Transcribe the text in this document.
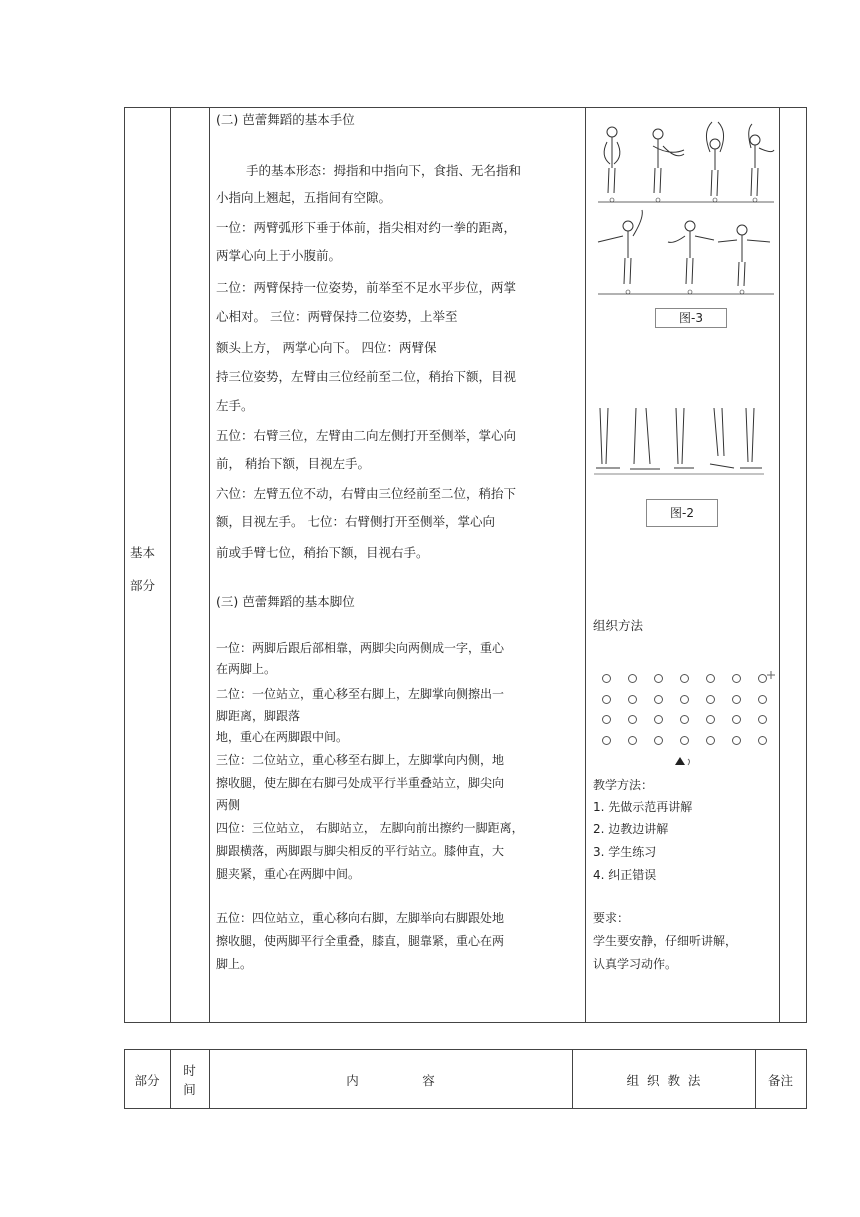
基本
部分
(二) 芭蕾舞蹈的基本手位
手的基本形态：拇指和中指向下，食指、无名指和
小指向上翘起，五指间有空隙。
一位：两臂弧形下垂于体前，指尖相对约一拳的距离，
两掌心向上于小腹前。
二位：两臂保持一位姿势，前举至不足水平步位，两掌
心相对。 三位：两臂保持二位姿势，上举至
额头上方， 两掌心向下。 四位：两臂保
持三位姿势，左臂由三位经前至二位，稍抬下额，目视
左手。
五位：右臂三位，左臂由二向左侧打开至侧举，掌心向
前， 稍抬下额，目视左手。
六位：左臂五位不动，右臂由三位经前至二位，稍抬下
额，目视左手。 七位：右臂侧打开至侧举，掌心向
前或手臂七位，稍抬下额，目视右手。
(三) 芭蕾舞蹈的基本脚位
一位：两脚后跟后部相靠，两脚尖向两侧成一字，重心
在两脚上。
二位：一位站立，重心移至右脚上，左脚掌向侧擦出一
脚距离，脚跟落
地，重心在两脚跟中间。
三位：二位站立，重心移至右脚上，左脚掌向内侧，地
擦收腿，使左脚在右脚弓处成平行半重叠站立，脚尖向
两侧
四位：三位站立， 右脚站立， 左脚向前出擦约一脚距离，
脚跟横落，两脚跟与脚尖相反的平行站立。膝伸直，大
腿夹紧，重心在两脚中间。
五位：四位站立，重心移向右脚，左脚举向右脚跟处地
擦收腿，使两脚平行全重叠，膝直，腿靠紧，重心在两
脚上。
图-3
图-2
组织方法
教学方法：
1. 先做示范再讲解
2. 边教边讲解
3. 学生练习
4. 纠正错误
要求：
学生要安静，仔细听讲解，
认真学习动作。
部分
时
间
内                容	组  织  教  法	备注
